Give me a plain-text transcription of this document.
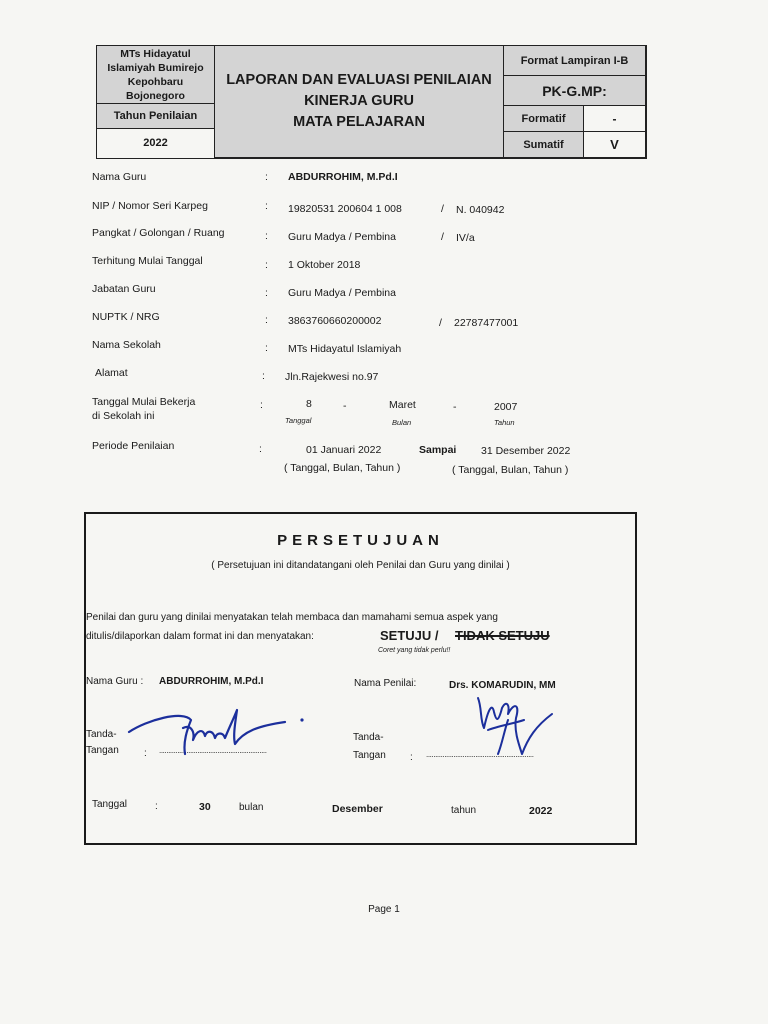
MTs Hidayatul
Islamiyah Bumirejo
Kepohbaru Bojonegoro
Tahun Penilaian
2022
LAPORAN DAN EVALUASI PENILAIAN
KINERJA GURU
MATA PELAJARAN
Format Lampiran I-B
PK-G.MP:
Formatif	-
Sumatif	V
Nama Guru	: ABDURROHIM, M.Pd.I
NIP / Nomor Seri Karpeg	: 19820531 200604 1 008	/ N. 040942
Pangkat / Golongan / Ruang	: Guru Madya / Pembina	/ IV/a
Terhitung Mulai Tanggal	: 1 Oktober 2018
Jabatan Guru	: Guru Madya / Pembina
NUPTK / NRG	: 3863760660200002	/ 22787477001
Nama Sekolah	: MTs Hidayatul Islamiyah
Alamat	: Jln.Rajekwesi no.97
Tanggal Mulai Bekerja
di Sekolah ini
:	8	-	Maret	-	2007
Tanggal	Bulan	Tahun
Periode Penilaian	:	01 Januari 2022	Sampai 31 Desember 2022
( Tanggal, Bulan, Tahun )	( Tanggal, Bulan, Tahun )
PERSETUJUAN
( Persetujuan ini ditandatangani oleh Penilai dan Guru yang dinilai )
Penilai dan guru yang dinilai menyatakan telah membaca dan mamahami semua aspek yang
ditulis/dilaporkan dalam format ini dan menyatakan:	SETUJU / TIDAK SETUJU
Coret yang tidak perlu!!
Nama Guru : ABDURROHIM, M.Pd.I	Nama Penilai:	Drs. KOMARUDIN, MM
Tanda-
Tangan	: ...........................................................
Tanda-
Tangan : ...........................................................
Tanggal	:	30	bulan	Desember	tahun	2022
Page 1
